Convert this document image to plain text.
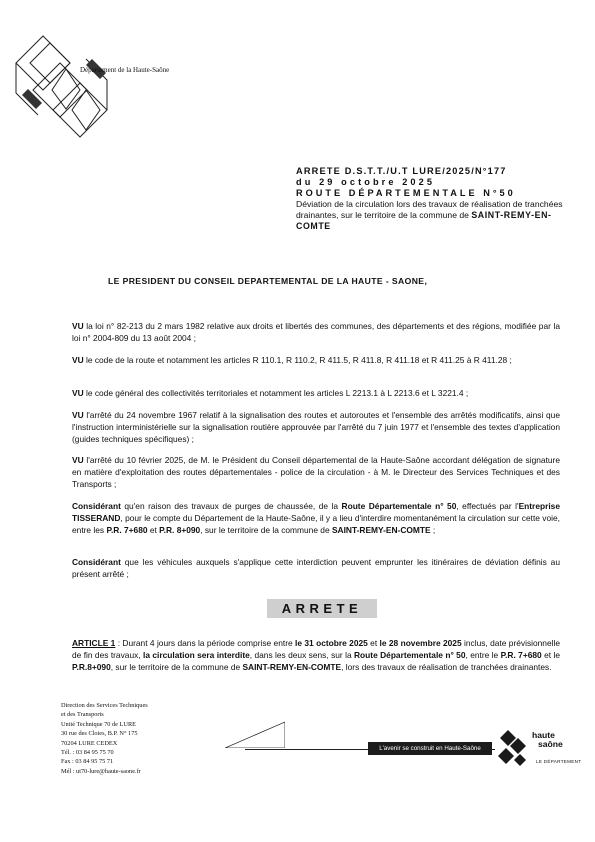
Département de la Haute-Saône
ARRETE D.S.T.T./U.T LURE/2025/N°177
du 29 octobre 2025
ROUTE DÉPARTEMENTALE N°50
Déviation de la circulation lors des travaux de réalisation de tranchées drainantes, sur le territoire de la commune de SAINT-REMY-EN-COMTE
LE PRESIDENT DU CONSEIL DEPARTEMENTAL DE LA HAUTE - SAONE,
VU la loi n° 82-213 du 2 mars 1982 relative aux droits et libertés des communes, des départements et des régions, modifiée par la loi n° 2004-809 du 13 août 2004 ;
VU le code de la route et notamment les articles R 110.1, R 110.2, R 411.5, R 411.8, R 411.18 et R 411.25 à R 411.28 ;
VU le code général des collectivités territoriales et notamment les articles L 2213.1 à L 2213.6 et L 3221.4 ;
VU l'arrêté du 24 novembre 1967 relatif à la signalisation des routes et autoroutes et l'ensemble des arrêtés modificatifs, ainsi que l'instruction interministérielle sur la signalisation routière approuvée par l'arrêté du 7 juin 1977 et l'ensemble des textes d'application (guides techniques spécifiques) ;
VU l'arrêté du 10 février 2025, de M. le Président du Conseil départemental de la Haute-Saône accordant délégation de signature en matière d'exploitation des routes départementales - police de la circulation - à M. le Directeur des Services Techniques et des Transports ;
Considérant qu'en raison des travaux de purges de chaussée, de la Route Départementale n° 50, effectués par l'Entreprise TISSERAND, pour le compte du Département de la Haute-Saône, il y a lieu d'interdire momentanément la circulation sur cette voie, entre les P.R. 7+680 et P.R. 8+090, sur le territoire de la commune de SAINT-REMY-EN-COMTE ;
Considérant que les véhicules auxquels s'applique cette interdiction peuvent emprunter les itinéraires de déviation définis au présent arrêté ;
ARRETE
ARTICLE 1 : Durant 4 jours dans la période comprise entre le 31 octobre 2025 et le 28 novembre 2025 inclus, date prévisionnelle de fin des travaux, la circulation sera interdite, dans les deux sens, sur la Route Départementale n° 50, entre le P.R. 7+680 et le P.R.8+090, sur le territoire de la commune de SAINT-REMY-EN-COMTE, lors des travaux de réalisation de tranchées drainantes.
Direction des Services Techniques
et des Transports
Unité Technique 70 de LURE
30 rue des Cloies, B.P. N° 175
70204 LURE CEDEX
Tél. : 03 84 95 75 70
Fax : 03 84 95 75 71
Mél : ut70-lure@haute-saone.fr
L'avenir se construit en Haute-Saône
haute
saône
LE DÉPARTEMENT
